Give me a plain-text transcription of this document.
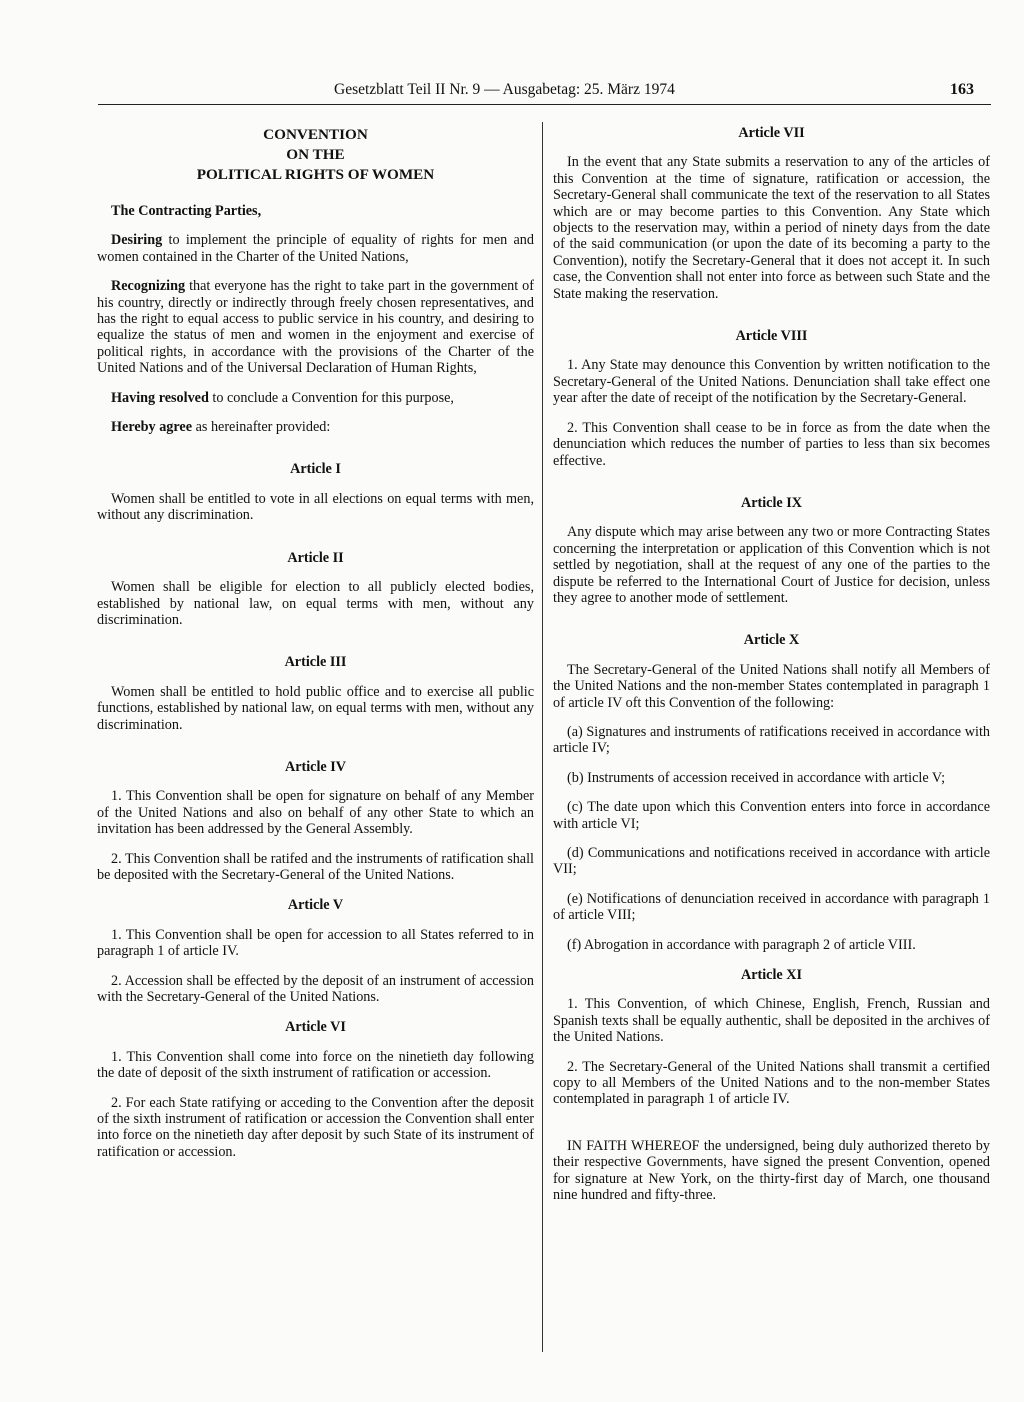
Gesetzblatt Teil II Nr. 9 — Ausgabetag: 25. März 1974	163
CONVENTION
ON THE
POLITICAL RIGHTS OF WOMEN

The Contracting Parties,

Desiring to implement the principle of equality of rights for men and women contained in the Charter of the United Nations,

Recognizing that everyone has the right to take part in the government of his country, directly or indirectly through freely chosen representatives, and has the right to equal access to public service in his country, and desiring to equalize the status of men and women in the enjoyment and exercise of political rights, in accordance with the provisions of the Charter of the United Nations and of the Universal Declaration of Human Rights,

Having resolved to conclude a Convention for this purpose,

Hereby agree as hereinafter provided:

Article I

Women shall be entitled to vote in all elections on equal terms with men, without any discrimination.

Article II

Women shall be eligible for election to all publicly elected bodies, established by national law, on equal terms with men, without any discrimination.

Article III

Women shall be entitled to hold public office and to exercise all public functions, established by national law, on equal terms with men, without any discrimination.

Article IV

1. This Convention shall be open for signature on behalf of any Member of the United Nations and also on behalf of any other State to which an invitation has been addressed by the General Assembly.

2. This Convention shall be ratifed and the instruments of ratification shall be deposited with the Secretary-General of the United Nations.

Article V

1. This Convention shall be open for accession to all States referred to in paragraph 1 of article IV.

2. Accession shall be effected by the deposit of an instrument of accession with the Secretary-General of the United Nations.

Article VI

1. This Convention shall come into force on the ninetieth day following the date of deposit of the sixth instrument of ratification or accession.

2. For each State ratifying or acceding to the Convention after the deposit of the sixth instrument of ratification or accession the Convention shall enter into force on the ninetieth day after deposit by such State of its instrument of ratification or accession.

Article VII

In the event that any State submits a reservation to any of the articles of this Convention at the time of signature, ratification or accession, the Secretary-General shall communicate the text of the reservation to all States which are or may become parties to this Convention. Any State which objects to the reservation may, within a period of ninety days from the date of the said communication (or upon the date of its becoming a party to the Convention), notify the Secretary-General that it does not accept it. In such case, the Convention shall not enter into force as between such State and the State making the reservation.

Article VIII

1. Any State may denounce this Convention by written notification to the Secretary-General of the United Nations. Denunciation shall take effect one year after the date of receipt of the notification by the Secretary-General.

2. This Convention shall cease to be in force as from the date when the denunciation which reduces the number of parties to less than six becomes effective.

Article IX

Any dispute which may arise between any two or more Contracting States concerning the interpretation or application of this Convention which is not settled by negotiation, shall at the request of any one of the parties to the dispute be referred to the International Court of Justice for decision, unless they agree to another mode of settlement.

Article X

The Secretary-General of the United Nations shall notify all Members of the United Nations and the non-member States contemplated in paragraph 1 of article IV oft this Convention of the following:

(a) Signatures and instruments of ratifications received in accordance with article IV;

(b) Instruments of accession received in accordance with article V;

(c) The date upon which this Convention enters into force in accordance with article VI;

(d) Communications and notifications received in accordance with article VII;

(e) Notifications of denunciation received in accordance with paragraph 1 of article VIII;

(f) Abrogation in accordance with paragraph 2 of article VIII.

Article XI

1. This Convention, of which Chinese, English, French, Russian and Spanish texts shall be equally authentic, shall be deposited in the archives of the United Nations.

2. The Secretary-General of the United Nations shall transmit a certified copy to all Members of the United Nations and to the non-member States contemplated in paragraph 1 of article IV.

IN FAITH WHEREOF the undersigned, being duly authorized thereto by their respective Governments, have signed the present Convention, opened for signature at New York, on the thirty-first day of March, one thousand nine hundred and fifty-three.
